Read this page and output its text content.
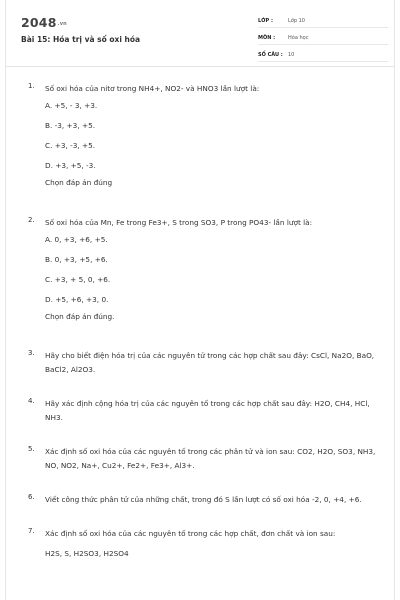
2048.vn
Bài 15: Hóa trị và số oxi hóa
LỚP :	Lớp 10
MÔN :	Hóa học
SỐ CÂU :	10
1. Số oxi hóa của nitơ trong NH4+, NO2- và HNO3 lần lượt là:
A. +5, - 3, +3.
B. -3, +3, +5.
C. +3, -3, +5.
D. +3, +5, -3.
Chọn đáp án đúng
2. Số oxi hóa của Mn, Fe trong Fe3+, S trong SO3, P trong PO43- lần lượt là:
A. 0, +3, +6, +5.
B. 0, +3, +5, +6.
C. +3, + 5, 0, +6.
D. +5, +6, +3, 0.
Chọn đáp án đúng.
3. Hãy cho biết điện hóa trị của các nguyên tử trong các hợp chất sau đây: CsCl, Na2O, BaO, BaCl2, Al2O3.
4. Hãy xác định cộng hóa trị của các nguyên tố trong các hợp chất sau đây: H2O, CH4, HCl, NH3.
5. Xác định số oxi hóa của các nguyên tố trong các phân tử và ion sau: CO2, H2O, SO3, NH3, NO, NO2, Na+, Cu2+, Fe2+, Fe3+, Al3+.
6. Viết công thức phân tử của những chất, trong đó S lần lượt có số oxi hóa -2, 0, +4, +6.
7. Xác định số oxi hóa của các nguyên tố trong các hợp chất, đơn chất và ion sau:
H2S, S, H2SO3, H2SO4
